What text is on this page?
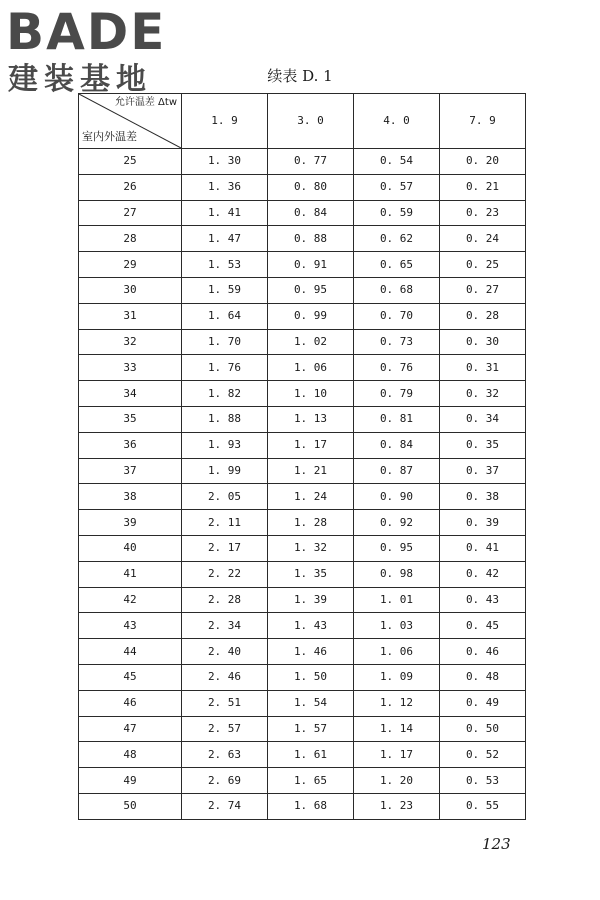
BADE
建装基地	续表 D. 1
允许温差 Δtw
室内外温差	1. 9	3. 0	4. 0	7. 9
25	1. 30	0. 77	0. 54	0. 20
26	1. 36	0. 80	0. 57	0. 21
27	1. 41	0. 84	0. 59	0. 23
28	1. 47	0. 88	0. 62	0. 24
29	1. 53	0. 91	0. 65	0. 25
30	1. 59	0. 95	0. 68	0. 27
31	1. 64	0. 99	0. 70	0. 28
32	1. 70	1. 02	0. 73	0. 30
33	1. 76	1. 06	0. 76	0. 31
34	1. 82	1. 10	0. 79	0. 32
35	1. 88	1. 13	0. 81	0. 34
36	1. 93	1. 17	0. 84	0. 35
37	1. 99	1. 21	0. 87	0. 37
38	2. 05	1. 24	0. 90	0. 38
39	2. 11	1. 28	0. 92	0. 39
40	2. 17	1. 32	0. 95	0. 41
41	2. 22	1. 35	0. 98	0. 42
42	2. 28	1. 39	1. 01	0. 43
43	2. 34	1. 43	1. 03	0. 45
44	2. 40	1. 46	1. 06	0. 46
45	2. 46	1. 50	1. 09	0. 48
46	2. 51	1. 54	1. 12	0. 49
47	2. 57	1. 57	1. 14	0. 50
48	2. 63	1. 61	1. 17	0. 52
49	2. 69	1. 65	1. 20	0. 53
50	2. 74	1. 68	1. 23	0. 55
123
